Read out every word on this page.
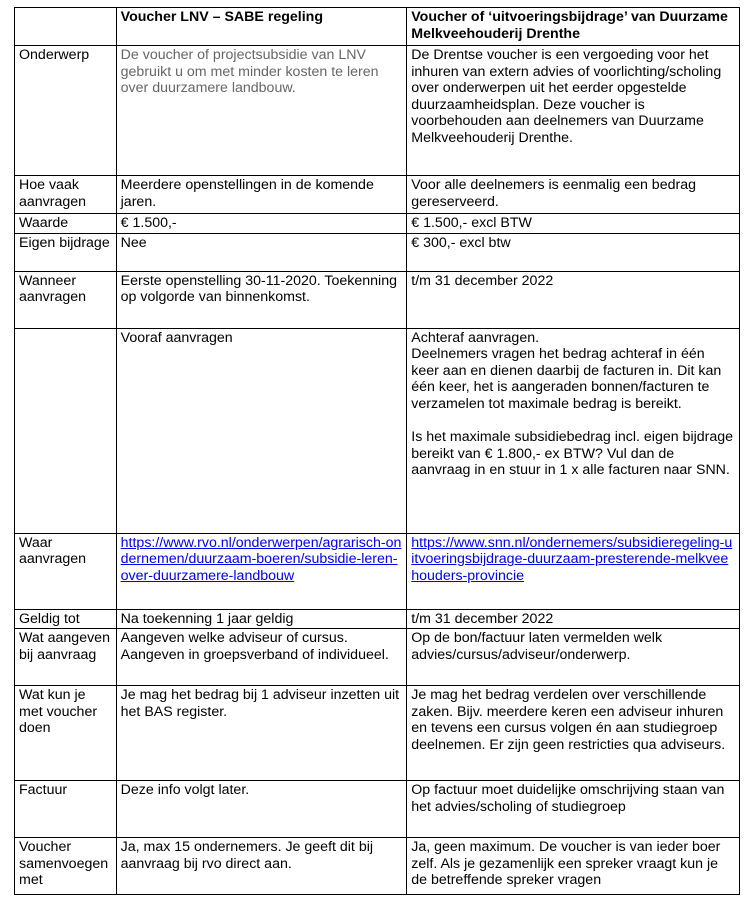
	Voucher LNV – SABE regeling	Voucher of ‘uitvoeringsbijdrage’ van Duurzame Melkveehouderij Drenthe
Onderwerp	De voucher of projectsubsidie van LNV gebruikt u om met minder kosten te leren over duurzamere landbouw.	De Drentse voucher is een vergoeding voor het inhuren van extern advies of voorlichting/scholing over onderwerpen uit het eerder opgestelde duurzaamheidsplan. Deze voucher is voorbehouden aan deelnemers van Duurzame Melkveehouderij Drenthe.
Hoe vaak aanvragen	Meerdere openstellingen in de komende jaren.	Voor alle deelnemers is eenmalig een bedrag gereserveerd.
Waarde	€ 1.500,-	€ 1.500,- excl BTW
Eigen bijdrage	Nee	€ 300,- excl btw
Wanneer aanvragen	Eerste openstelling 30-11-2020. Toekenning op volgorde van binnenkomst.	t/m 31 december 2022
	Vooraf aanvragen	Achteraf aanvragen.
Deelnemers vragen het bedrag achteraf in één keer aan en dienen daarbij de facturen in. Dit kan één keer, het is aangeraden bonnen/facturen te verzamelen tot maximale bedrag is bereikt.
Is het maximale subsidiebedrag incl. eigen bijdrage bereikt van € 1.800,- ex BTW? Vul dan de aanvraag in en stuur in 1 x alle facturen naar SNN.

Waar aanvragen	https://www.rvo.nl/onderwerpen/agrarisch-ondernemen/duurzaam-boeren/subsidie-leren-over-duurzamere-landbouw	https://www.snn.nl/ondernemers/subsidieregeling-uitvoeringsbijdrage-duurzaam-presterende-melkveehouders-provincie
Geldig tot	Na toekenning 1 jaar geldig	t/m 31 december 2022
Wat aangeven bij aanvraag	Aangeven welke adviseur of cursus. Aangeven in groepsverband of individueel.	Op de bon/factuur laten vermelden welk advies/cursus/adviseur/onderwerp.
Wat kun je met voucher doen	Je mag het bedrag bij 1 adviseur inzetten uit het BAS register.	Je mag het bedrag verdelen over verschillende zaken. Bijv. meerdere keren een adviseur inhuren en tevens een cursus volgen én aan studiegroep deelnemen. Er zijn geen restricties qua adviseurs.
Factuur	Deze info volgt later.	Op factuur moet duidelijke omschrijving staan van het advies/scholing of studiegroep
Voucher samenvoegen met	Ja, max 15 ondernemers. Je geeft dit bij aanvraag bij rvo direct aan.	Ja, geen maximum. De voucher is van ieder boer zelf. Als je gezamenlijk een spreker vraagt kun je de betreffende spreker vragen
